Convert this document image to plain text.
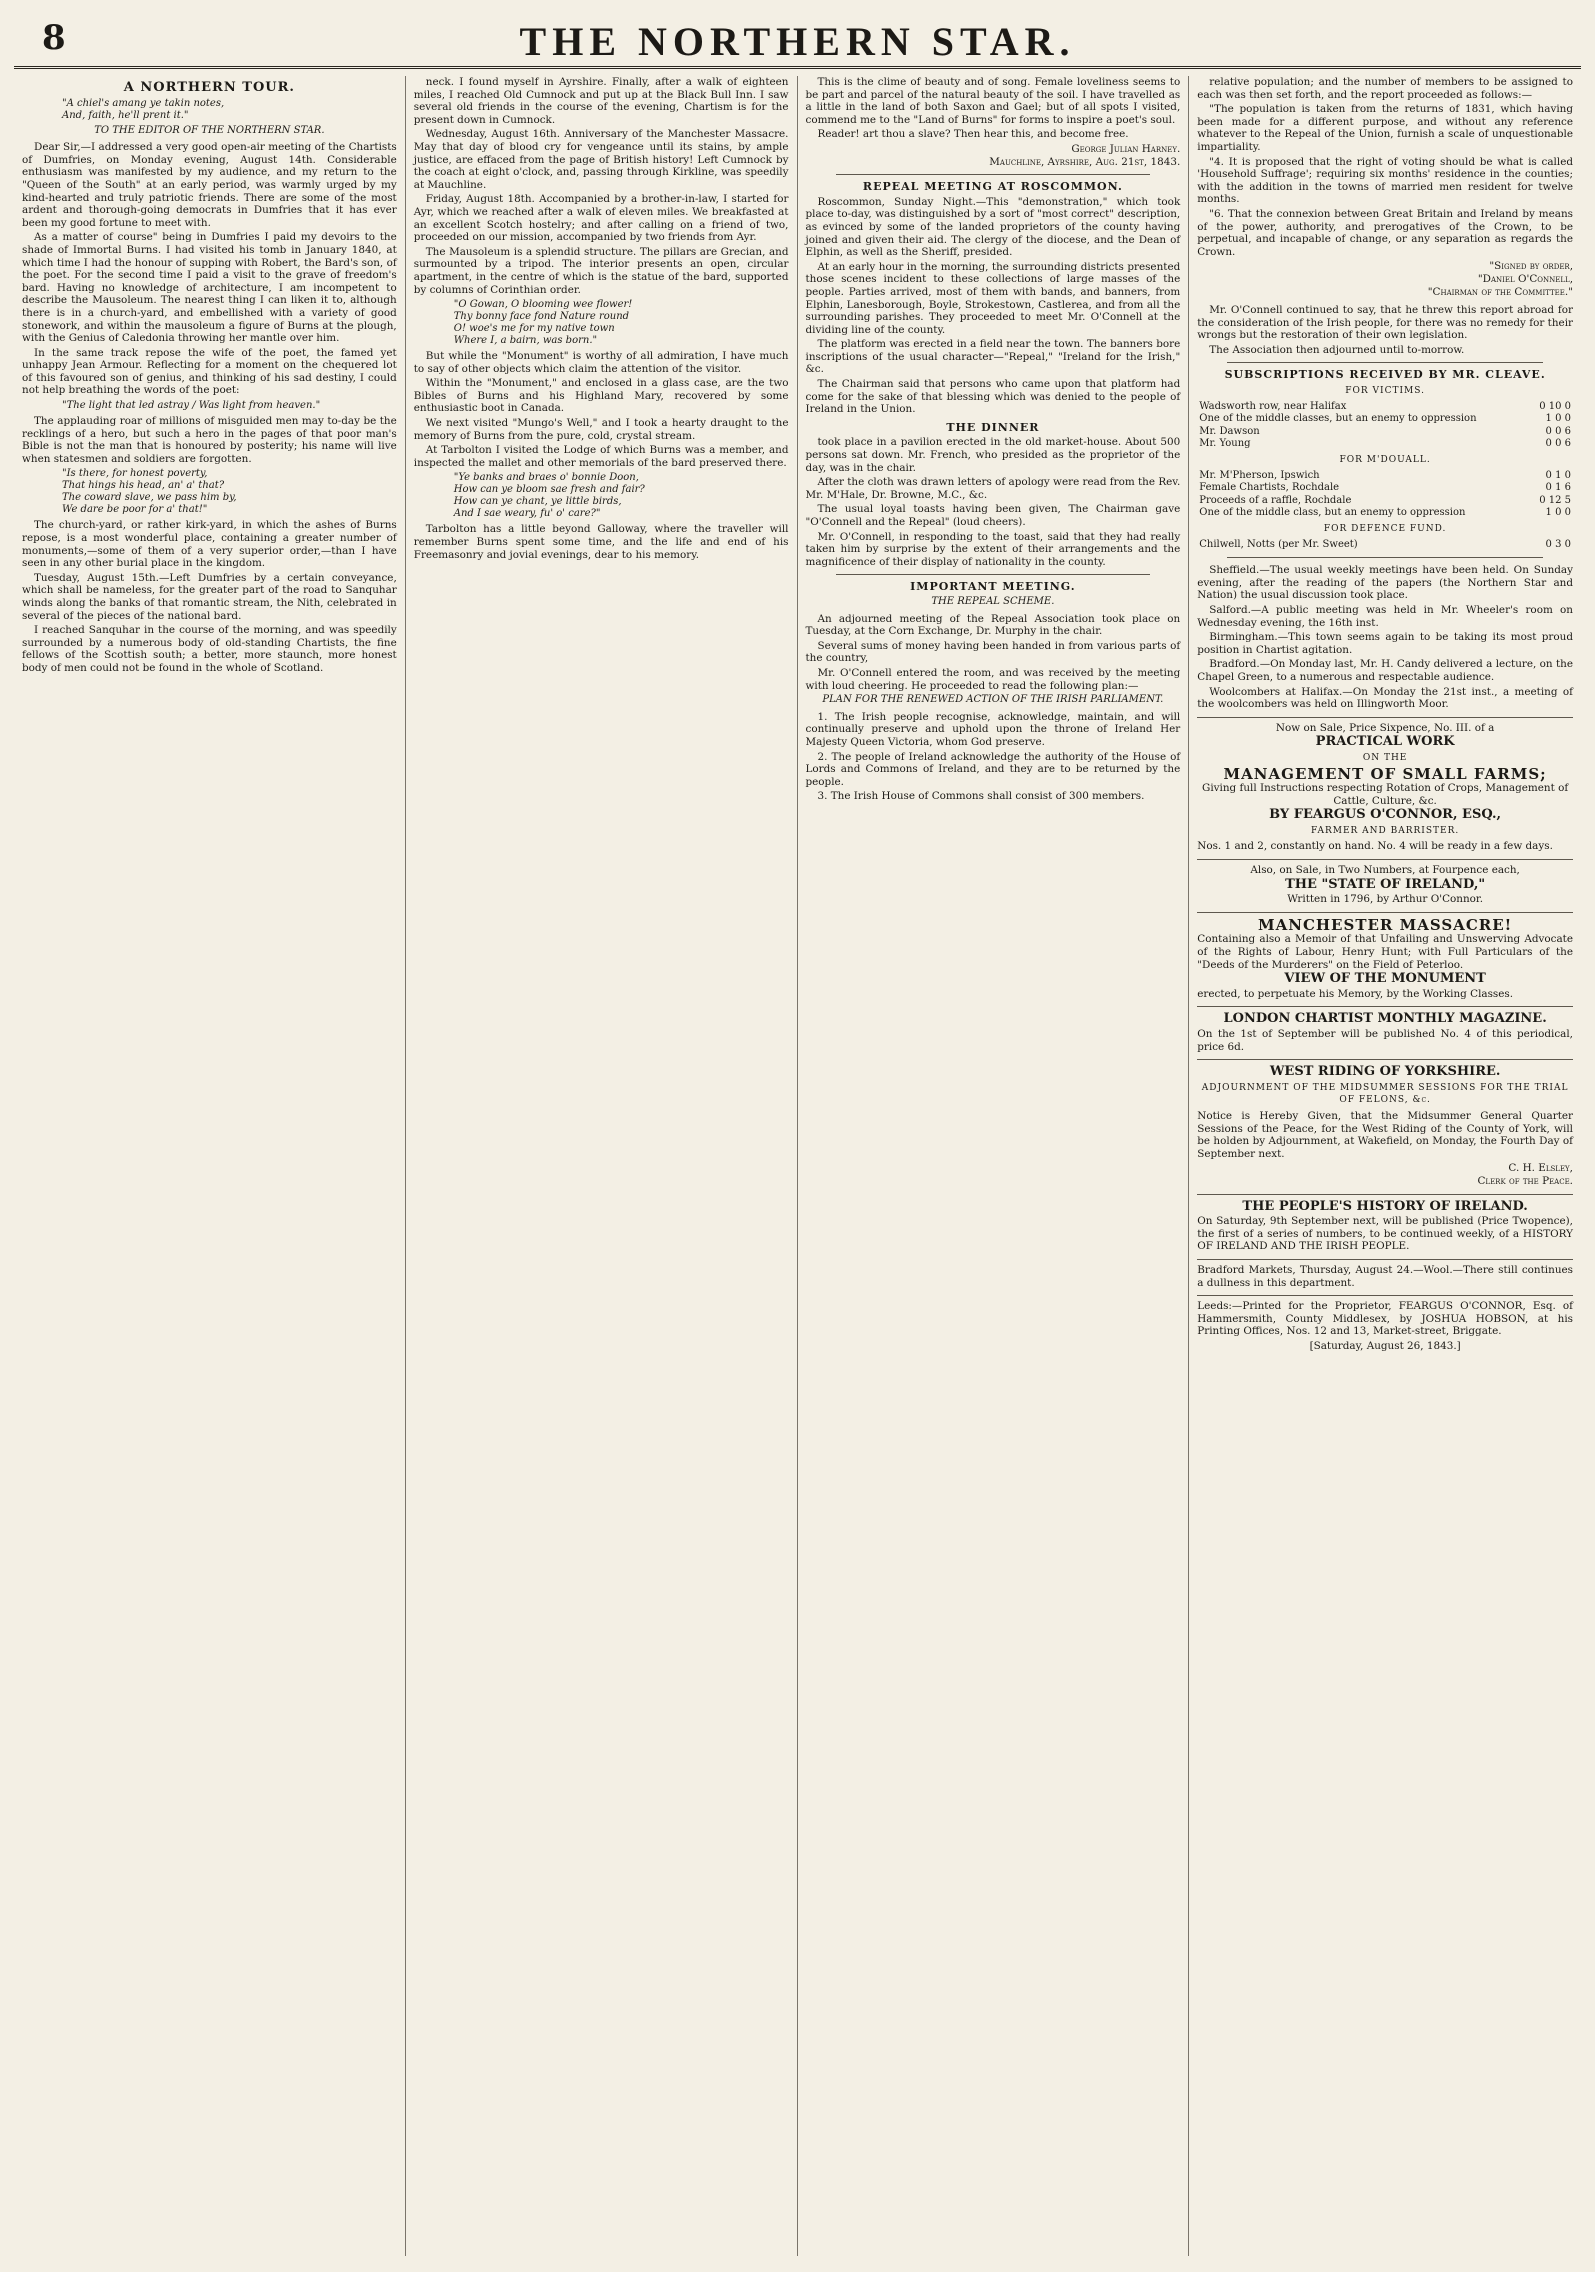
8	THE NORTHERN STAR.
A NORTHERN TOUR.
"A chiel's amang ye takin notes,
And, faith, he'll prent it."
TO THE EDITOR OF THE NORTHERN STAR.

Dear Sir,—I addressed a very good open-air meeting of the Chartists of Dumfries, on Monday evening, August 14th. Considerable enthusiasm was manifested by my audience, and my return to the "Queen of the South" at an early period, was warmly urged by my kind-hearted and truly patriotic friends. There are some of the most ardent and thorough-going democrats in Dumfries that it has ever been my good fortune to meet with.

As a matter of course" being in Dumfries I paid my devoirs to the shade of Immortal Burns. I had visited his tomb in January 1840, at which time I had the honour of supping with Robert, the Bard's son, of the poet. For the second time I paid a visit to the grave of freedom's bard. Having no knowledge of architecture, I am incompetent to describe the Mausoleum. The nearest thing I can liken it to, although there is in a church-yard, and embellished with a variety of good stonework, and within the mausoleum a figure of Burns at the plough, with the Genius of Caledonia throwing her mantle over him.

In the same track repose the wife of the poet, the famed yet unhappy Jean Armour. Reflecting for a moment on the chequered lot of this favoured son of genius, and thinking of his sad destiny, I could not help breathing the words of the poet:

"The light that led astray / Was light from heaven."

The applauding roar of millions of misguided men may to-day be the recklings of a hero, but such a hero in the pages of that poor man's Bible is not the man that is honoured by posterity; his name will live when statesmen and soldiers are forgotten.

"Is there, for honest poverty,
That hings his head, an' a' that?
The coward slave, we pass him by,
We dare be poor for a' that!"

The church-yard, or rather kirk-yard, in which the ashes of Burns repose, is a most wonderful place, containing a greater number of monuments,—some of them of a very superior order,—than I have seen in any other burial place in the kingdom.

Tuesday, August 15th.—Left Dumfries by a certain conveyance, which shall be nameless, for the greater part of the road to Sanquhar winds along the banks of that romantic stream, the Nith, celebrated in several of the pieces of the national bard.

I reached Sanquhar in the course of the morning, and was speedily surrounded by a numerous body of old-standing Chartists, the fine fellows of the Scottish south; a better, more staunch, more honest body of men could not be found in the whole of Scotland.

neck. I found myself in Ayrshire. Finally, after a walk of eighteen miles, I reached Old Cumnock and put up at the Black Bull Inn. I saw several old friends in the course of the evening, Chartism is for the present down in Cumnock.

Wednesday, August 16th. Anniversary of the Manchester Massacre. May that day of blood cry for vengeance until its stains, by ample justice, are effaced from the page of British history! Left Cumnock by the coach at eight o'clock, and, passing through Kirkline, was speedily at Mauchline.

Friday, August 18th. Accompanied by a brother-in-law, I started for Ayr, which we reached after a walk of eleven miles. We breakfasted at an excellent Scotch hostelry; and after calling on a friend of two, proceeded on our mission, accompanied by two friends from Ayr.

The Mausoleum is a splendid structure. The pillars are Grecian, and surmounted by a tripod. The interior presents an open, circular apartment, in the centre of which is the statue of the bard, supported by columns of Corinthian order.

"O Gowan, O blooming wee flower!
Thy bonny face fond Nature round
O! woe's me for my native town
Where I, a bairn, was born."

But while the "Monument" is worthy of all admiration, I have much to say of other objects which claim the attention of the visitor.

Within the "Monument," and enclosed in a glass case, are the two Bibles of Burns and his Highland Mary, recovered by some enthusiastic boot in Canada.

We next visited "Mungo's Well," and I took a hearty draught to the memory of Burns from the pure, cold, crystal stream.

At Tarbolton I visited the Lodge of which Burns was a member, and inspected the mallet and other memorials of the bard preserved there.

"Ye banks and braes o' bonnie Doon,
How can ye bloom sae fresh and fair?
How can ye chant, ye little birds,
And I sae weary, fu' o' care?"

Tarbolton has a little beyond Galloway, where the traveller will remember Burns spent some time, and the life and end of his Freemasonry and jovial evenings, dear to his memory.

This is the clime of beauty and of song. Female loveliness seems to be part and parcel of the natural beauty of the soil. I have travelled as a little in the land of both Saxon and Gael; but of all spots I visited, commend me to the "Land of Burns" for forms to inspire a poet's soul.

Reader! art thou a slave? Then hear this, and become free.

George Julian Harney.
Mauchline, Ayrshire, Aug. 21st, 1843.
REPEAL MEETING AT ROSCOMMON.

Roscommon, Sunday Night.—This "demonstration," which took place to-day, was distinguished by a sort of "most correct" description, as evinced by some of the landed proprietors of the county having joined and given their aid. The clergy of the diocese, and the Dean of Elphin, as well as the Sheriff, presided.

At an early hour in the morning, the surrounding districts presented those scenes incident to these collections of large masses of the people. Parties arrived, most of them with bands, and banners, from Elphin, Lanesborough, Boyle, Strokestown, Castlerea, and from all the surrounding parishes. They proceeded to meet Mr. O'Connell at the dividing line of the county.

The platform was erected in a field near the town. The banners bore inscriptions of the usual character—"Repeal," "Ireland for the Irish," &c.

The Chairman said that persons who came upon that platform had come for the sake of that blessing which was denied to the people of Ireland in the Union.

THE DINNER

took place in a pavilion erected in the old market-house. About 500 persons sat down. Mr. French, who presided as the proprietor of the day, was in the chair.

After the cloth was drawn letters of apology were read from the Rev. Mr. M'Hale, Dr. Browne, M.C., &c.

The usual loyal toasts having been given, The Chairman gave "O'Connell and the Repeal" (loud cheers).

Mr. O'Connell, in responding to the toast, said that they had really taken him by surprise by the extent of their arrangements and the magnificence of their display of nationality in the county.

IMPORTANT MEETING.
THE REPEAL SCHEME.

An adjourned meeting of the Repeal Association took place on Tuesday, at the Corn Exchange, Dr. Murphy in the chair.

Several sums of money having been handed in from various parts of the country,

Mr. O'Connell entered the room, and was received by the meeting with loud cheering. He proceeded to read the following plan:—

PLAN FOR THE RENEWED ACTION OF THE IRISH PARLIAMENT.

1. The Irish people recognise, acknowledge, maintain, and will continually preserve and uphold upon the throne of Ireland Her Majesty Queen Victoria, whom God preserve.

2. The people of Ireland acknowledge the authority of the House of Lords and Commons of Ireland, and they are to be returned by the people.

3. The Irish House of Commons shall consist of 300 members.

relative population; and the number of members to be assigned to each was then set forth, and the report proceeded as follows:—

"The population is taken from the returns of 1831, which having been made for a different purpose, and without any reference whatever to the Repeal of the Union, furnish a scale of unquestionable impartiality.

"4. It is proposed that the right of voting should be what is called 'Household Suffrage'; requiring six months' residence in the counties; with the addition in the towns of married men resident for twelve months.

"6. That the connexion between Great Britain and Ireland by means of the power, authority, and prerogatives of the Crown, to be perpetual, and incapable of change, or any separation as regards the Crown.

"Signed by order,
"Daniel O'Connell,
"Chairman of the Committee."

Mr. O'Connell continued to say, that he threw this report abroad for the consideration of the Irish people, for there was no remedy for their wrongs but the restoration of their own legislation.

The Association then adjourned until to-morrow.

SUBSCRIPTIONS RECEIVED BY MR. CLEAVE.
FOR VICTIMS.
Wadsworth row, near Halifax	0 10 0
One of the middle classes, but an enemy to oppression	1 0 0
Mr. Dawson	0 0 6
Mr. Young	0 0 6
FOR M'DOUALL.
Mr. M'Pherson, Ipswich	0 1 0
Female Chartists, Rochdale	0 1 6
Proceeds of a raffle, Rochdale	0 12 5
One of the middle class, but an enemy to oppression	1 0 0
FOR DEFENCE FUND.
Chilwell, Notts (per Mr. Sweet)	0 3 0

Sheffield.—The usual weekly meetings have been held. On Sunday evening, after the reading of the papers (the Northern Star and Nation) the usual discussion took place.

Salford.—A public meeting was held in Mr. Wheeler's room on Wednesday evening, the 16th inst.

Birmingham.—This town seems again to be taking its most proud position in Chartist agitation.

Bradford.—On Monday last, Mr. H. Candy delivered a lecture, on the Chapel Green, to a numerous and respectable audience.

Woolcombers at Halifax.—On Monday the 21st inst., a meeting of the woolcombers was held on Illingworth Moor.

Now on Sale, Price Sixpence, No. III. of a

PRACTICAL WORK
ON THE
MANAGEMENT OF SMALL FARMS;

Giving full Instructions respecting Rotation of Crops, Management of Cattle, Culture, &c.

BY FEARGUS O'CONNOR, ESQ.,
FARMER AND BARRISTER.

Nos. 1 and 2, constantly on hand. No. 4 will be ready in a few days.

Also, on Sale, in Two Numbers, at Fourpence each,

THE "STATE OF IRELAND,"

Written in 1796, by Arthur O'Connor.

MANCHESTER MASSACRE!

Containing also a Memoir of that Unfailing and Unswerving Advocate of the Rights of Labour, Henry Hunt; with Full Particulars of the "Deeds of the Murderers" on the Field of Peterloo.

VIEW OF THE MONUMENT

erected, to perpetuate his Memory, by the Working Classes.

LONDON CHARTIST MONTHLY MAGAZINE.

On the 1st of September will be published No. 4 of this periodical, price 6d.

WEST RIDING OF YORKSHIRE.
ADJOURNMENT OF THE MIDSUMMER SESSIONS FOR THE TRIAL OF FELONS, &c.

Notice is Hereby Given, that the Midsummer General Quarter Sessions of the Peace, for the West Riding of the County of York, will be holden by Adjournment, at Wakefield, on Monday, the Fourth Day of September next.

C. H. Elsley,
Clerk of the Peace.
THE PEOPLE'S HISTORY OF IRELAND.

On Saturday, 9th September next, will be published (Price Twopence), the first of a series of numbers, to be continued weekly, of a HISTORY OF IRELAND AND THE IRISH PEOPLE.

Bradford Markets, Thursday, August 24.—Wool.—There still continues a dullness in this department.

Leeds:—Printed for the Proprietor, FEARGUS O'CONNOR, Esq. of Hammersmith, County Middlesex, by JOSHUA HOBSON, at his Printing Offices, Nos. 12 and 13, Market-street, Briggate.

[Saturday, August 26, 1843.]
